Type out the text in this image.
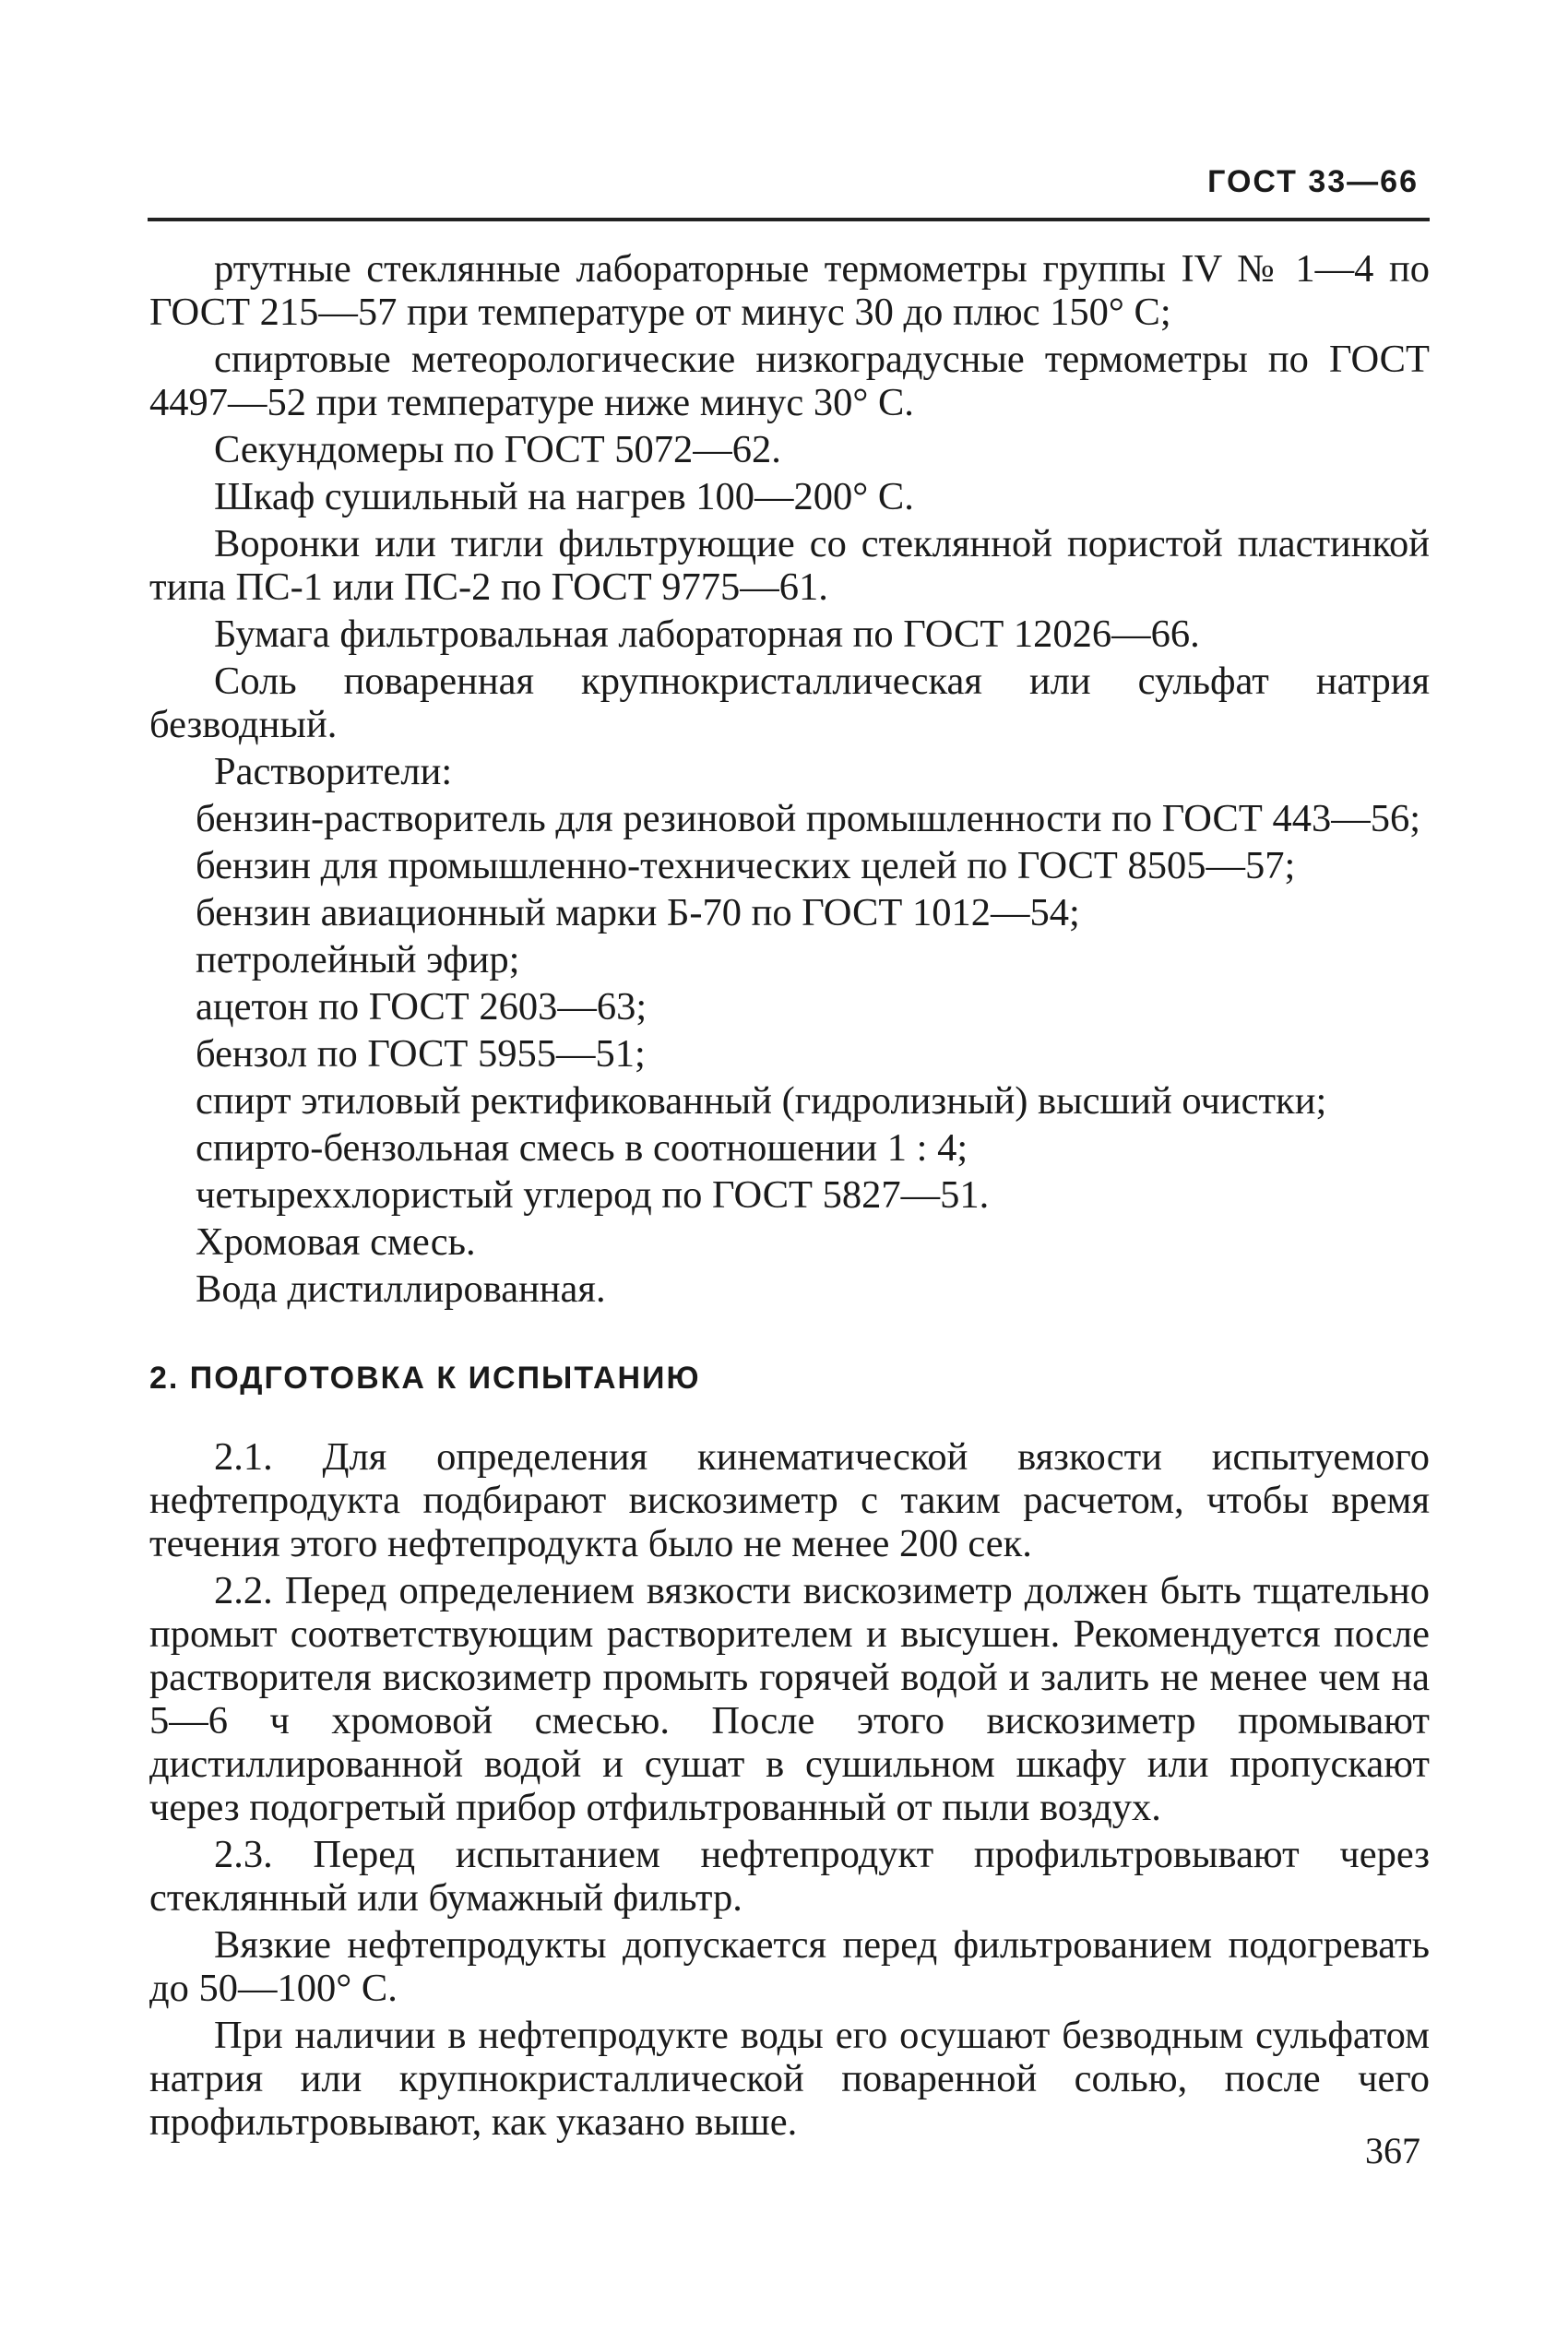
ГОСТ 33—66

ртутные стеклянные лабораторные термометры группы IV № 1—4 по ГОСТ 215—57 при температуре от минус 30 до плюс 150° С;

спиртовые метеорологические низкоградусные термометры по ГОСТ 4497—52 при температуре ниже минус 30° С.

Секундомеры по ГОСТ 5072—62.

Шкаф сушильный на нагрев 100—200° С.

Воронки или тигли фильтрующие со стеклянной пористой пластинкой типа ПС-1 или ПС-2 по ГОСТ 9775—61.

Бумага фильтровальная лабораторная по ГОСТ 12026—66.

Соль поваренная крупнокристаллическая или сульфат натрия безводный.

Растворители:

бензин-растворитель для резиновой промышленности по ГОСТ 443—56;

бензин для промышленно-технических целей по ГОСТ 8505—57;

бензин авиационный марки Б-70 по ГОСТ 1012—54;

петролейный эфир;

ацетон по ГОСТ 2603—63;

бензол по ГОСТ 5955—51;

спирт этиловый ректификованный (гидролизный) высший очистки;

спирто-бензольная смесь в соотношении 1 : 4;

четыреххлористый углерод по ГОСТ 5827—51.

Хромовая смесь.

Вода дистиллированная.

2. ПОДГОТОВКА К ИСПЫТАНИЮ

2.1. Для определения кинематической вязкости испытуемого нефтепродукта подбирают вискозиметр с таким расчетом, чтобы время течения этого нефтепродукта было не менее 200 сек.

2.2. Перед определением вязкости вискозиметр должен быть тщательно промыт соответствующим растворителем и высушен. Рекомендуется после растворителя вискозиметр промыть горячей водой и залить не менее чем на 5—6 ч хромовой смесью. После этого вискозиметр промывают дистиллированной водой и сушат в сушильном шкафу или пропускают через подогретый прибор отфильтрованный от пыли воздух.

2.3. Перед испытанием нефтепродукт профильтровывают через стеклянный или бумажный фильтр.

Вязкие нефтепродукты допускается перед фильтрованием подогревать до 50—100° С.

При наличии в нефтепродукте воды его осушают безводным сульфатом натрия или крупнокристаллической поваренной солью, после чего профильтровывают, как указано выше.

367
